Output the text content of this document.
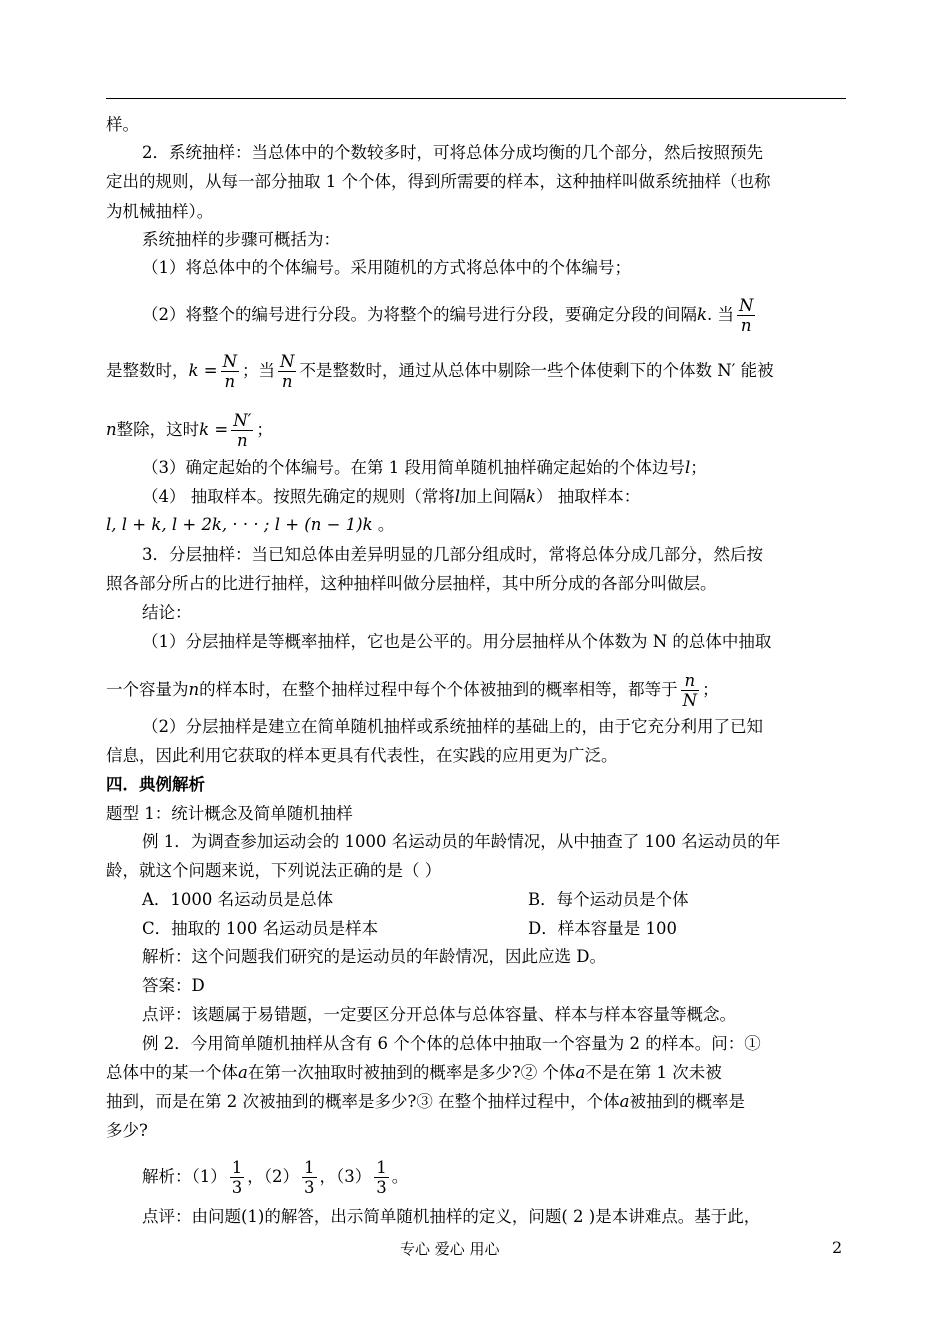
样。
2．系统抽样：当总体中的个数较多时，可将总体分成均衡的几个部分，然后按照预先
定出的规则，从每一部分抽取 1 个个体，得到所需要的样本，这种抽样叫做系统抽样（也称
为机械抽样）。
系统抽样的步骤可概括为：
（1）将总体中的个体编号。采用随机的方式将总体中的个体编号；
（2）将整个的编号进行分段。为将整个的编号进行分段，要确定分段的间隔k. 当 $\frac{N}{n}$
是整数时，$k = \frac{N}{n}$ ；当 $\frac{N}{n}$ 不是整数时，通过从总体中剔除一些个体使剩下的个体数 N′ 能被
n整除，这时$k = \frac{N'}{n}$ ；
（3）确定起始的个体编号。在第 1 段用简单随机抽样确定起始的个体边号l；
（4） 抽取样本。按照先确定的规则（常将l加上间隔k） 抽取样本：
l, l + k, l + 2k, · · · ; l + (n − 1)k 。
3．分层抽样：当已知总体由差异明显的几部分组成时，常将总体分成几部分，然后按
照各部分所占的比进行抽样，这种抽样叫做分层抽样，其中所分成的各部分叫做层。
结论：
（1）分层抽样是等概率抽样，它也是公平的。用分层抽样从个体数为 N 的总体中抽取
一个容量为n的样本时，在整个抽样过程中每个个体被抽到的概率相等，都等于 $\frac{n}{N}$ ；
（2）分层抽样是建立在简单随机抽样或系统抽样的基础上的，由于它充分利用了已知
信息，因此利用它获取的样本更具有代表性，在实践的应用更为广泛。
四．典例解析
题型 1：统计概念及简单随机抽样
例 1．为调查参加运动会的 1000 名运动员的年龄情况，从中抽查了 100 名运动员的年
龄，就这个问题来说，下列说法正确的是（ ）
A．1000 名运动员是总体	B．每个运动员是个体
C．抽取的 100 名运动员是样本	D．样本容量是 100
解析：这个问题我们研究的是运动员的年龄情况，因此应选 D。
答案：D
点评：该题属于易错题，一定要区分开总体与总体容量、样本与样本容量等概念。
例 2．今用简单随机抽样从含有 6 个个体的总体中抽取一个容量为 2 的样本。问：①
总体中的某一个体a在第一次抽取时被抽到的概率是多少?② 个体a不是在第 1 次未被
抽到，而是在第 2 次被抽到的概率是多少?③ 在整个抽样过程中，个体a被抽到的概率是
多少?
解析：$(1) \frac{1}{3}$ ，$(2) \frac{1}{3}$ ，$(3) \frac{1}{3}$ 。
点评：由问题(1)的解答，出示简单随机抽样的定义，问题( 2 )是本讲难点。基于此，
专心 爱心 用心	2
